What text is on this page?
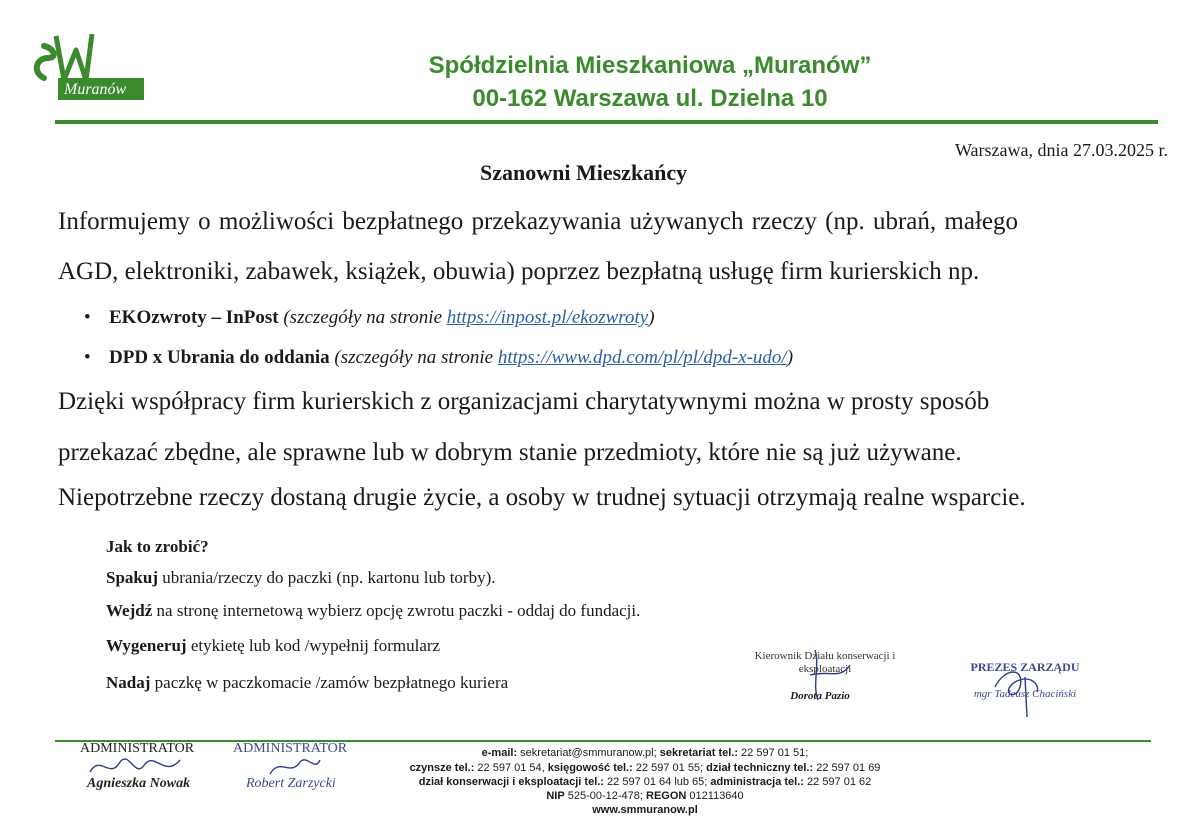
Muranów
Spółdzielnia Mieszkaniowa „Muranów”
00-162 Warszawa ul. Dzielna 10
Warszawa, dnia 27.03.2025 r.
Szanowni Mieszkańcy
Informujemy o możliwości bezpłatnego przekazywania używanych rzeczy (np. ubrań, małego
AGD, elektroniki, zabawek, książek, obuwia) poprzez bezpłatną usługę firm kurierskich np.
• EKOzwroty – InPost (szczegóły na stronie https://inpost.pl/ekozwroty)
• DPD x Ubrania do oddania (szczegóły na stronie https://www.dpd.com/pl/pl/dpd-x-udo/)
Dzięki współpracy firm kurierskich z organizacjami charytatywnymi można w prosty sposób
przekazać zbędne, ale sprawne lub w dobrym stanie przedmioty, które nie są już używane.
Niepotrzebne rzeczy dostaną drugie życie, a osoby w trudnej sytuacji otrzymają realne wsparcie.
Jak to zrobić?
Spakuj ubrania/rzeczy do paczki (np. kartonu lub torby).
Wejdź na stronę internetową wybierz opcję zwrotu paczki - oddaj do fundacji.
Wygeneruj etykietę lub kod /wypełnij formularz
Nadaj paczkę w paczkomacie /zamów bezpłatnego kuriera
Kierownik Działu konserwacji i eksploatacji
Dorota Pazio
PREZES ZARZĄDU
mgr Tadeusz Chaciński
ADMINISTRATOR
Agnieszka Nowak
ADMINISTRATOR
Robert Zarzycki
e-mail: sekretariat@smmuranow.pl; sekretariat tel.: 22 597 01 51;
czynsze tel.: 22 597 01 54, księgowość tel.: 22 597 01 55; dział techniczny tel.: 22 597 01 69
dział konserwacji i eksploatacji tel.: 22 597 01 64 lub 65; administracja tel.: 22 597 01 62
NIP 525-00-12-478; REGON 012113640
www.smmuranow.pl
